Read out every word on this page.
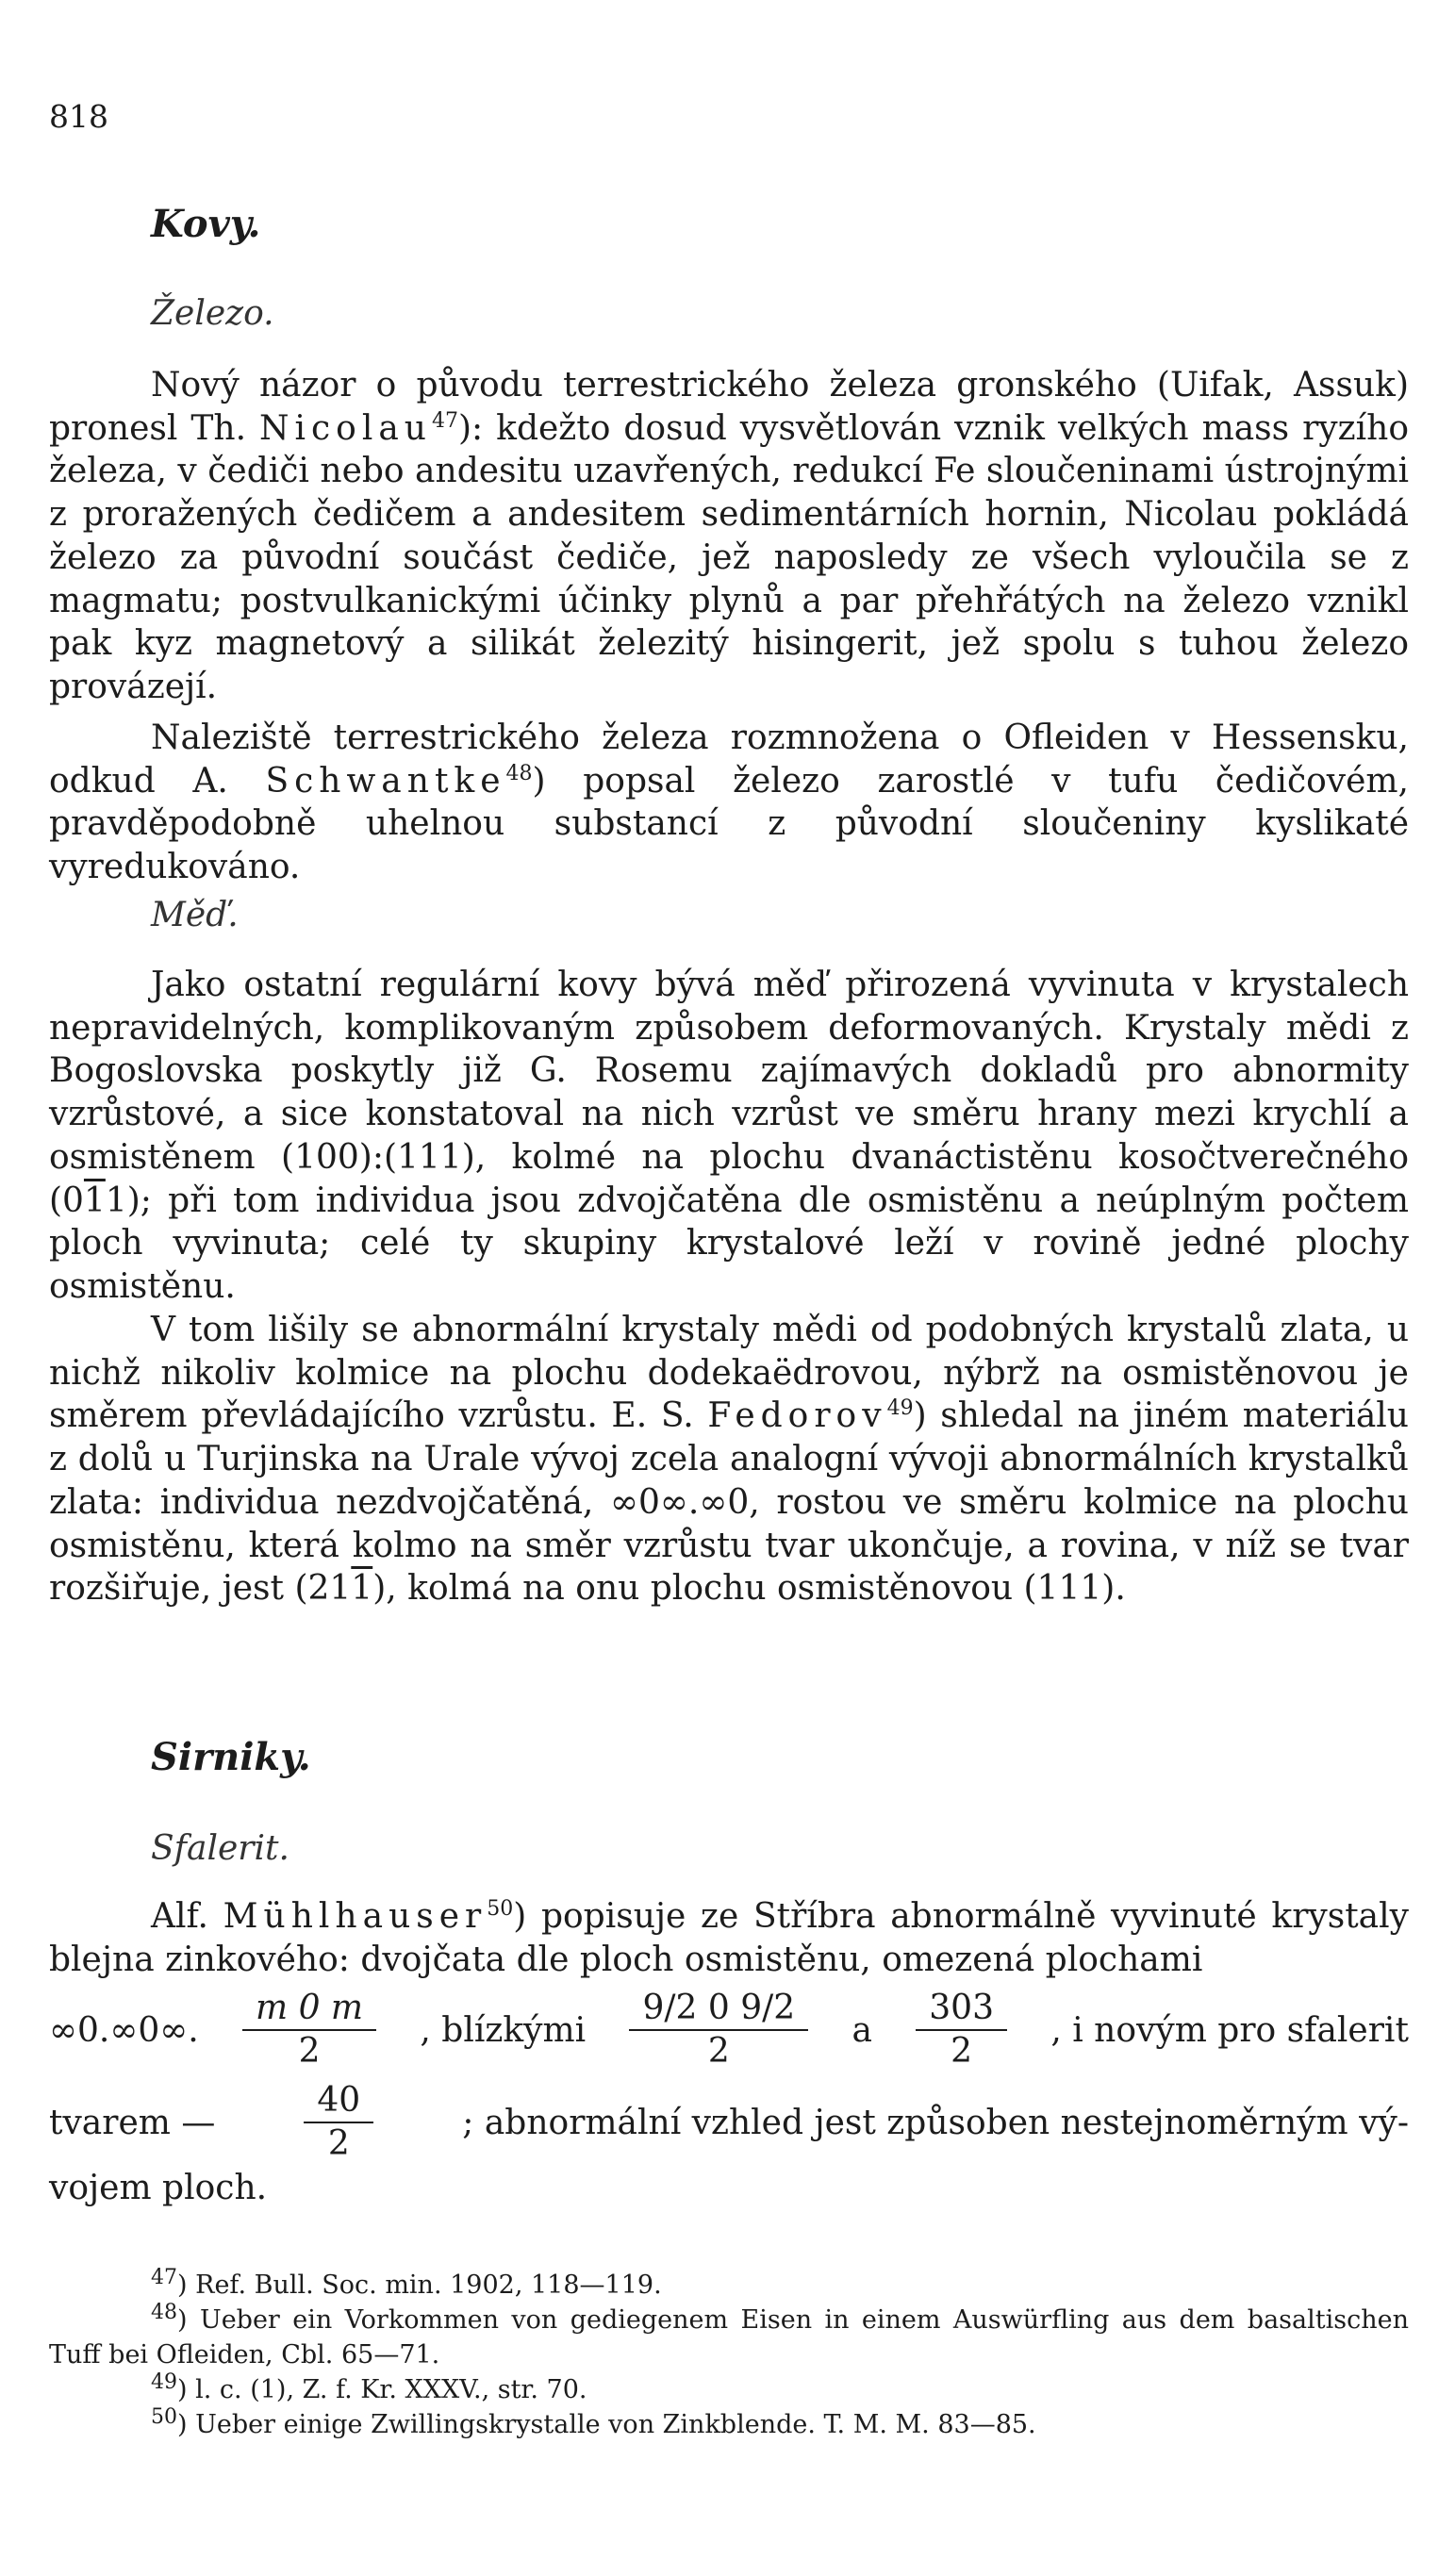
818
Kovy.
Železo.

Nový názor o původu terrestrického železa gronského (Uifak, Assuk) pronesl Th. Nicolau$^{47}$): kdežto dosud vysvětlován vznik velkých mass ryzího železa, v čediči nebo andesitu uzavřených, redukcí Fe sloučeninami ústrojnými z proražených čedičem a andesitem sedimentárních hornin, Nicolau pokládá železo za původní součást čediče, jež naposledy ze všech vyloučila se z magmatu; postvulkanickými účinky plynů a par přehřátých na železo vznikl pak kyz magnetový a silikát železitý hisingerit, jež spolu s tuhou železo provázejí.

Naleziště terrestrického železa rozmnožena o Ofleiden v Hessensku, odkud A. Schwantke$^{48}$) popsal železo zarostlé v tufu čedičovém, pravděpodobně uhelnou substancí z původní sloučeniny kyslikaté vyredukováno.

Měď.

Jako ostatní regulární kovy bývá měď přirozená vyvinuta v krystalech nepravidelných, komplikovaným způsobem deformovaných. Krystaly mědi z Bogoslovska poskytly již G. Rosemu zajímavých dokladů pro abnormity vzrůstové, a sice konstatoval na nich vzrůst ve směru hrany mezi krychlí a osmistěnem (100):(111), kolmé na plochu dvanáctistěnu kosočtverečného (011); při tom individua jsou zdvojčatěna dle osmistěnu a neúplným počtem ploch vyvinuta; celé ty skupiny krystalové leží v rovině jedné plochy osmistěnu.

V tom lišily se abnormální krystaly mědi od podobných krystalů zlata, u nichž nikoliv kolmice na plochu dodekaëdrovou, nýbrž na osmistěnovou je směrem převládajícího vzrůstu. E. S. Fedorov$^{49}$) shledal na jiném materiálu z dolů u Turjinska na Urale vývoj zcela analogní vývoji abnormálních krystalků zlata: individua nezdvojčatěná, ∞0∞.∞0, rostou ve směru kolmice na plochu osmistěnu, která kolmo na směr vzrůstu tvar ukončuje, a rovina, v níž se tvar rozšiřuje, jest (211), kolmá na onu plochu osmistěnovou (111).

Sirniky.
Sfalerit.

Alf. Mühlhauser$^{50}$) popisuje ze Stříbra abnormálně vyvinuté krystaly blejna zinkového: dvojčata dle ploch osmistěnu, omezená plochami

∞0.∞0∞. $\frac{m 0 m}{2}$ , blízkými $\frac{9/2 0 9/2}{2}$ a $\frac{303}{2}$ , i novým pro sfalerit
tvarem —	$\frac{40}{2}$	; abnormální vzhled jest způsoben nestejnoměrným vý-

vojem ploch.

$^{47}$) Ref. Bull. Soc. min. 1902, 118—119.

$^{48}$) Ueber ein Vorkommen von gediegenem Eisen in einem Auswürfling aus dem basaltischen Tuff bei Ofleiden, Cbl. 65—71.

$^{49}$) l. c. (1), Z. f. Kr. XXXV., str. 70.

$^{50}$) Ueber einige Zwillingskrystalle von Zinkblende. T. M. M. 83—85.
